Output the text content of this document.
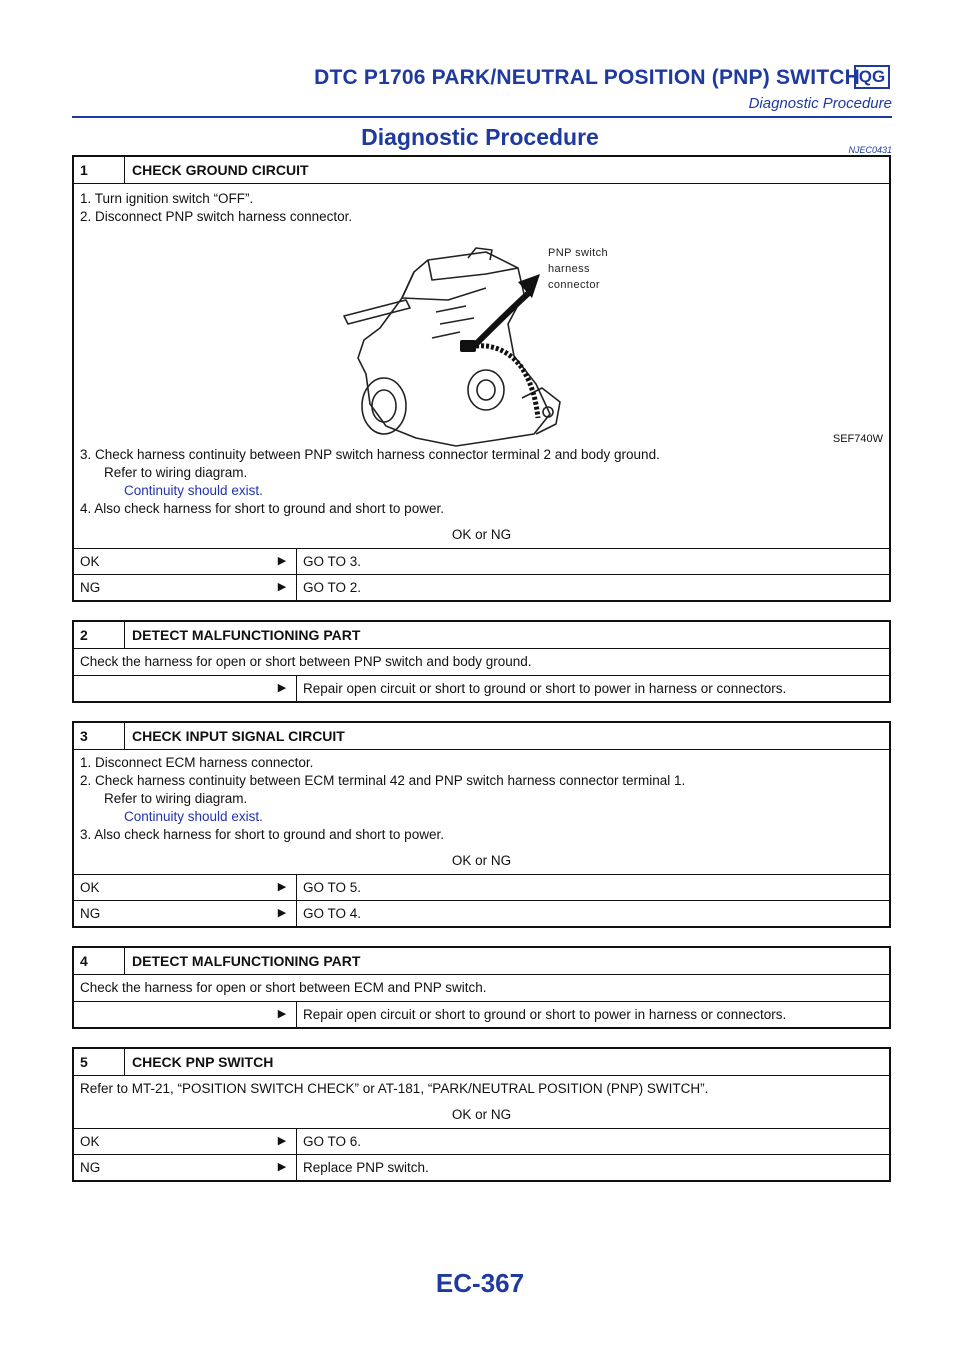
DTC P1706 PARK/NEUTRAL POSITION (PNP) SWITCH
QG
Diagnostic Procedure
Diagnostic Procedure	NJEC0431
1	CHECK GROUND CIRCUIT
1. Turn ignition switch “OFF”.
2. Disconnect PNP switch harness connector.
PNP switch
harness
connector
SEF740W
3. Check harness continuity between PNP switch harness connector terminal 2 and body ground.
Refer to wiring diagram.
Continuity should exist.
4. Also check harness for short to ground and short to power.
OK or NG
OK	▶	GO TO 3.
NG	▶	GO TO 2.
2	DETECT MALFUNCTIONING PART
Check the harness for open or short between PNP switch and body ground.
▶	Repair open circuit or short to ground or short to power in harness or connectors.
3	CHECK INPUT SIGNAL CIRCUIT
1. Disconnect ECM harness connector.
2. Check harness continuity between ECM terminal 42 and PNP switch harness connector terminal 1.
Refer to wiring diagram.
Continuity should exist.
3. Also check harness for short to ground and short to power.
OK or NG
OK	▶	GO TO 5.
NG	▶	GO TO 4.
4	DETECT MALFUNCTIONING PART
Check the harness for open or short between ECM and PNP switch.
▶	Repair open circuit or short to ground or short to power in harness or connectors.
5	CHECK PNP SWITCH
Refer to MT-21, “POSITION SWITCH CHECK” or AT-181, “PARK/NEUTRAL POSITION (PNP) SWITCH”.
OK or NG
OK	▶	GO TO 6.
NG	▶	Replace PNP switch.
EC-367
